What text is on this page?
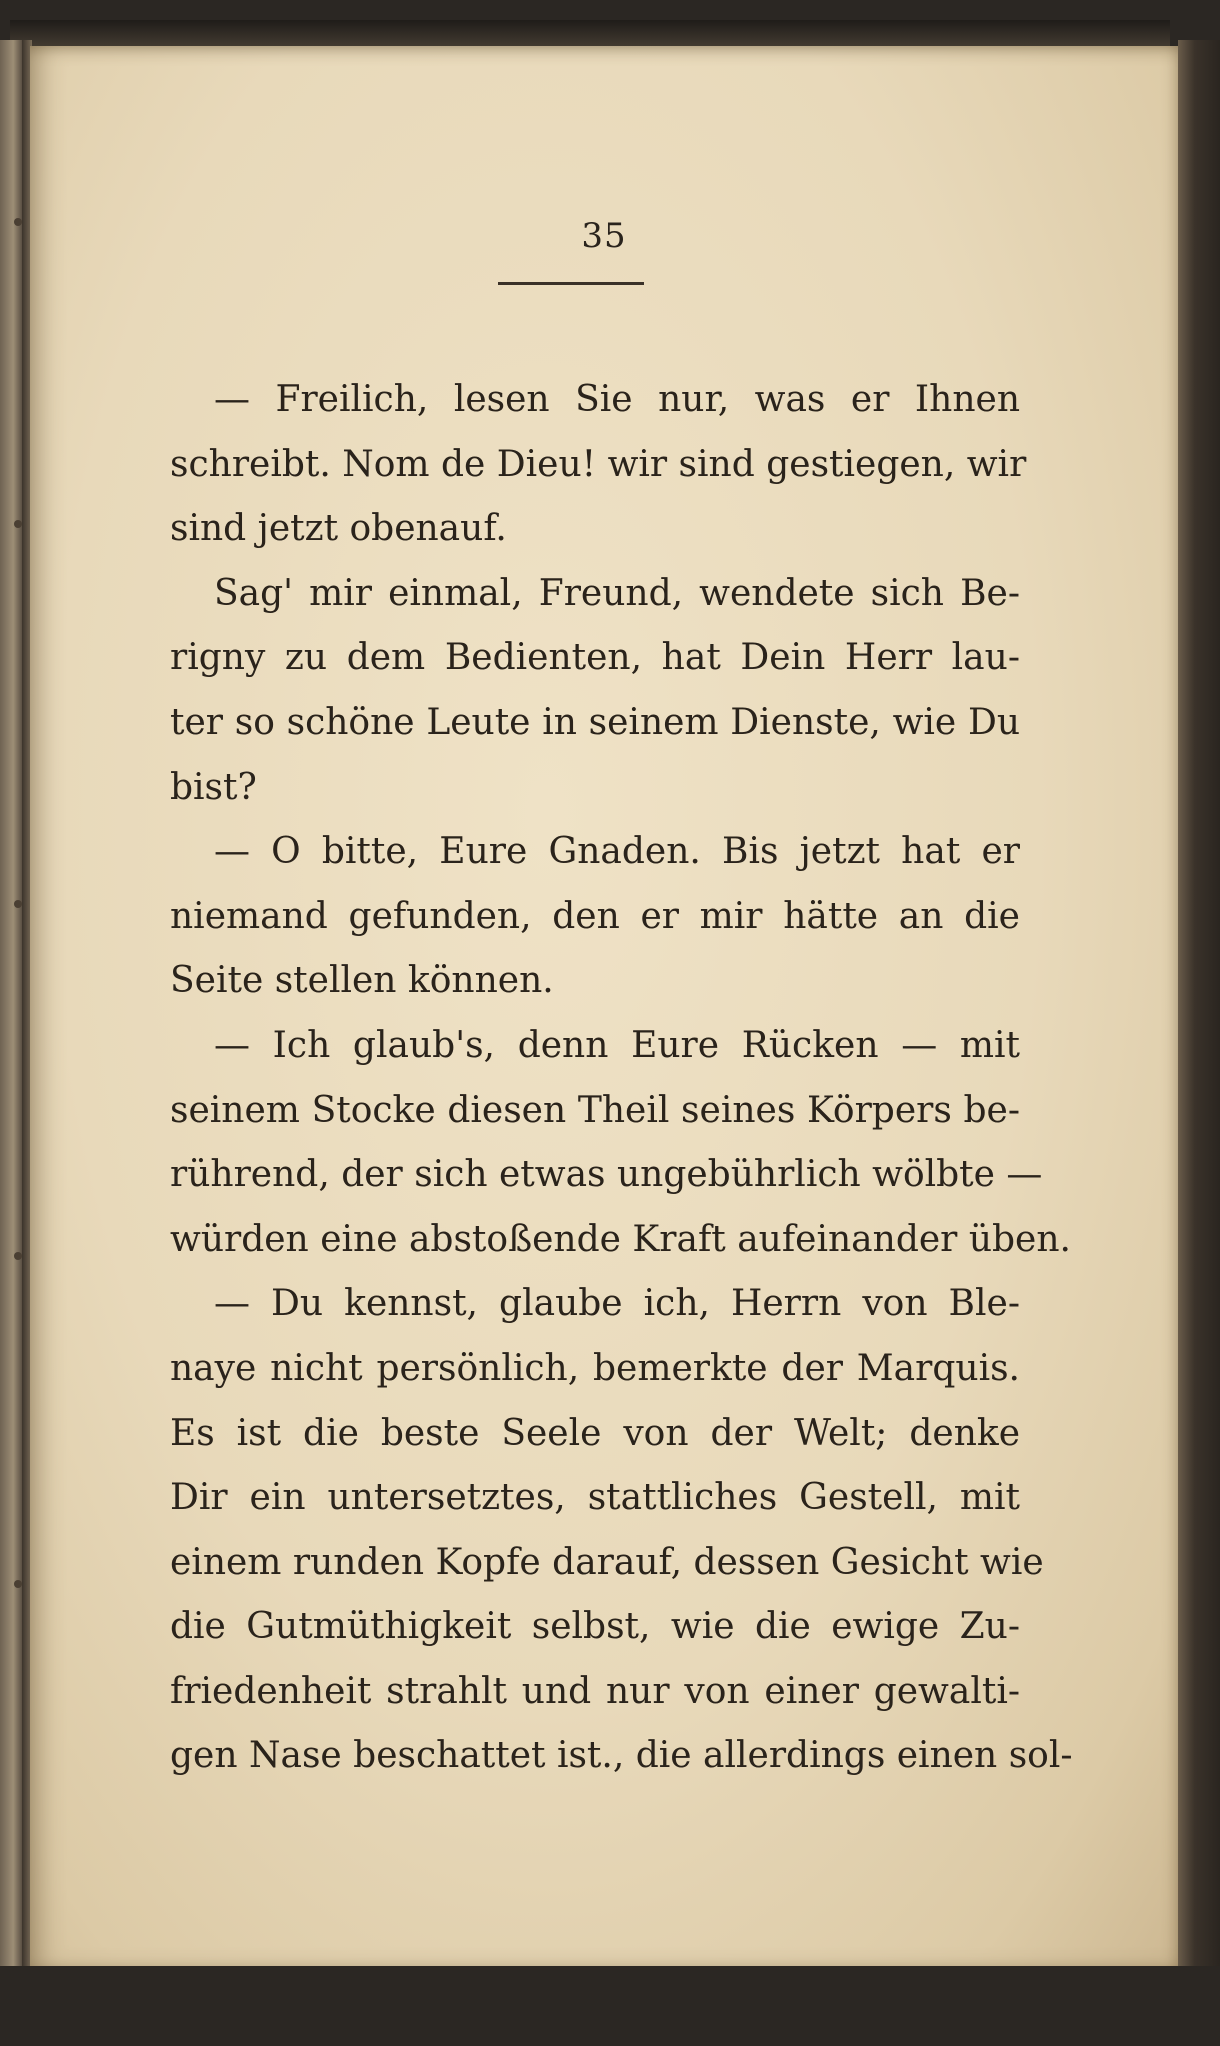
35
— Freilich, lesen Sie nur, was er Ihnen
schreibt. Nom de Dieu! wir sind gestiegen, wir
sind jetzt obenauf.
Sag' mir einmal, Freund, wendete sich Be-
rigny zu dem Bedienten, hat Dein Herr lau-
ter so schöne Leute in seinem Dienste, wie Du
bist?
— O bitte, Eure Gnaden. Bis jetzt hat er
niemand gefunden, den er mir hätte an die
Seite stellen können.
— Ich glaub's, denn Eure Rücken — mit
seinem Stocke diesen Theil seines Körpers be-
rührend, der sich etwas ungebührlich wölbte —
würden eine abstoßende Kraft aufeinander üben.
— Du kennst, glaube ich, Herrn von Ble-
naye nicht persönlich, bemerkte der Marquis.
Es ist die beste Seele von der Welt; denke
Dir ein untersetztes, stattliches Gestell, mit
einem runden Kopfe darauf, dessen Gesicht wie
die Gutmüthigkeit selbst, wie die ewige Zu-
friedenheit strahlt und nur von einer gewalti-
gen Nase beschattet ist., die allerdings einen sol-
